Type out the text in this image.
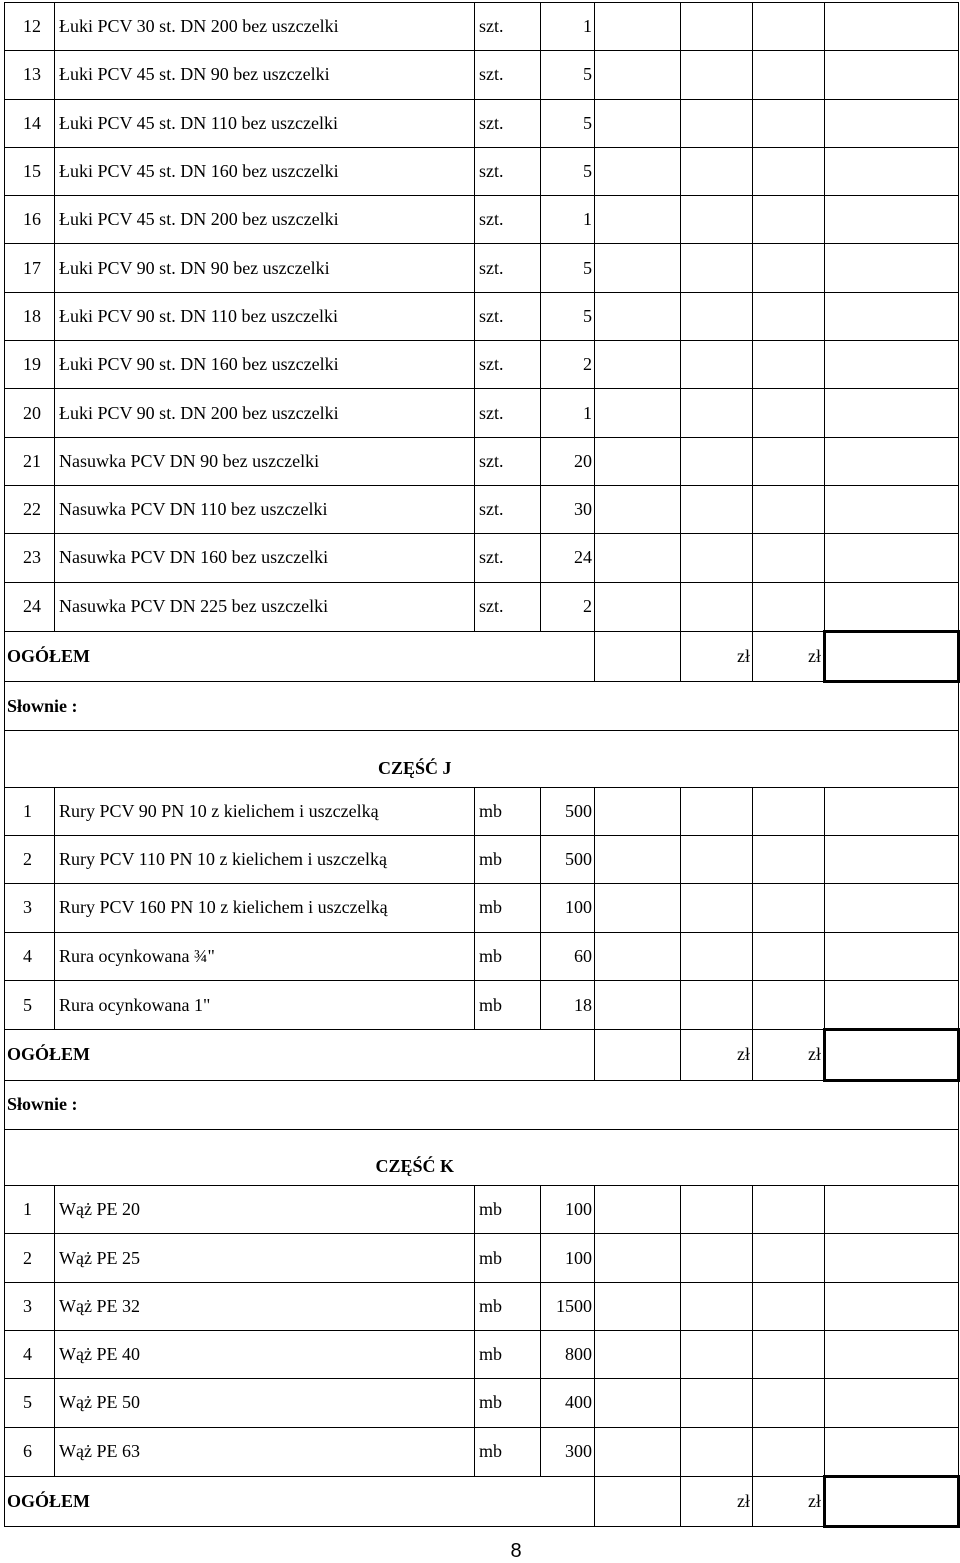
12	Łuki PCV 30 st. DN 200 bez uszczelki	szt.	1				
13	Łuki PCV 45 st. DN 90 bez uszczelki	szt.	5				
14	Łuki PCV 45 st. DN 110 bez uszczelki	szt.	5				
15	Łuki PCV 45 st. DN 160 bez uszczelki	szt.	5				
16	Łuki PCV 45 st. DN 200 bez uszczelki	szt.	1				
17	Łuki PCV 90 st. DN 90 bez uszczelki	szt.	5				
18	Łuki PCV 90 st. DN 110 bez uszczelki	szt.	5				
19	Łuki PCV 90 st. DN 160 bez uszczelki	szt.	2				
20	Łuki PCV 90 st. DN 200 bez uszczelki	szt.	1				
21	Nasuwka PCV DN 90 bez uszczelki	szt.	20				
22	Nasuwka PCV DN 110 bez uszczelki	szt.	30				
23	Nasuwka PCV DN 160 bez uszczelki	szt.	24				
24	Nasuwka PCV DN 225 bez uszczelki	szt.	2				
OGÓŁEM					zł	zł	
Słownie :							
CZĘŚĆ J							
1	Rury PCV 90 PN 10 z kielichem i uszczelką	mb	500				
2	Rury PCV 110 PN 10 z kielichem i uszczelką	mb	500				
3	Rury PCV 160 PN 10 z kielichem i uszczelką	mb	100				
4	Rura ocynkowana ¾"	mb	60				
5	Rura ocynkowana 1"	mb	18				
OGÓŁEM					zł	zł	
Słownie :							
CZĘŚĆ K							
1	Wąż PE 20	mb	100				
2	Wąż PE 25	mb	100				
3	Wąż PE 32	mb	1500				
4	Wąż PE 40	mb	800				
5	Wąż PE 50	mb	400				
6	Wąż PE 63	mb	300				
OGÓŁEM					zł	zł	
8
